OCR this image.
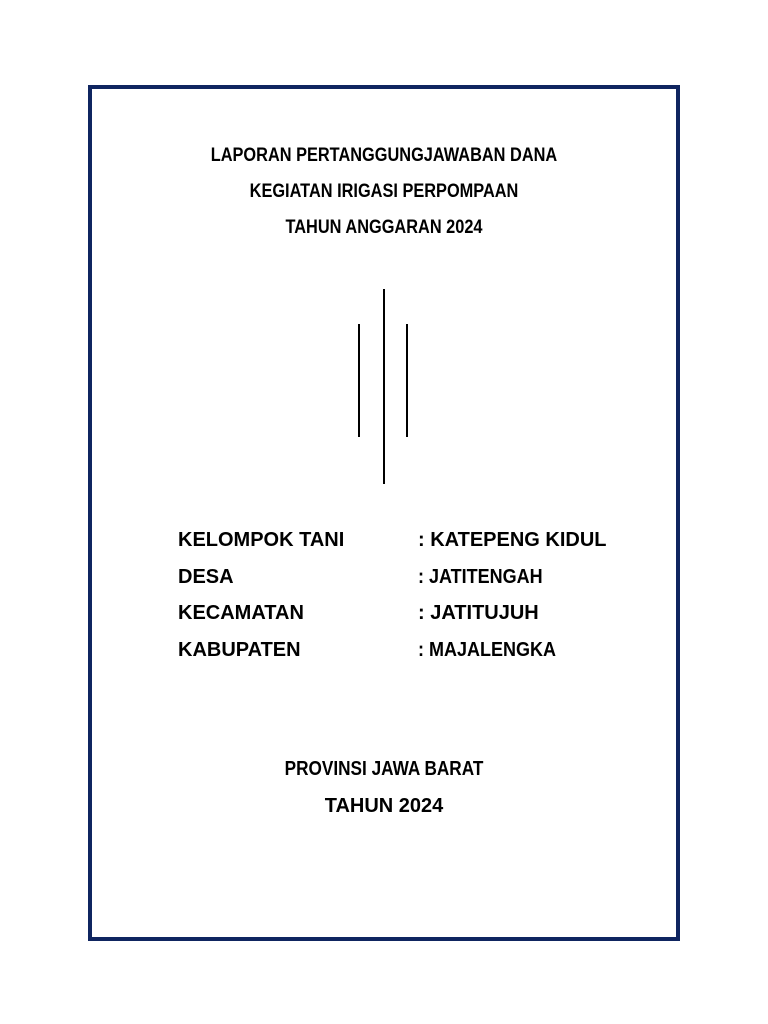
LAPORAN PERTANGGUNGJAWABAN DANA
KEGIATAN IRIGASI PERPOMPAAN
TAHUN ANGGARAN 2024
KELOMPOK TANI	: KATEPENG KIDUL
DESA	: JATITENGAH
KECAMATAN	: JATITUJUH
KABUPATEN	: MAJALENGKA
PROVINSI JAWA BARAT
TAHUN 2024
